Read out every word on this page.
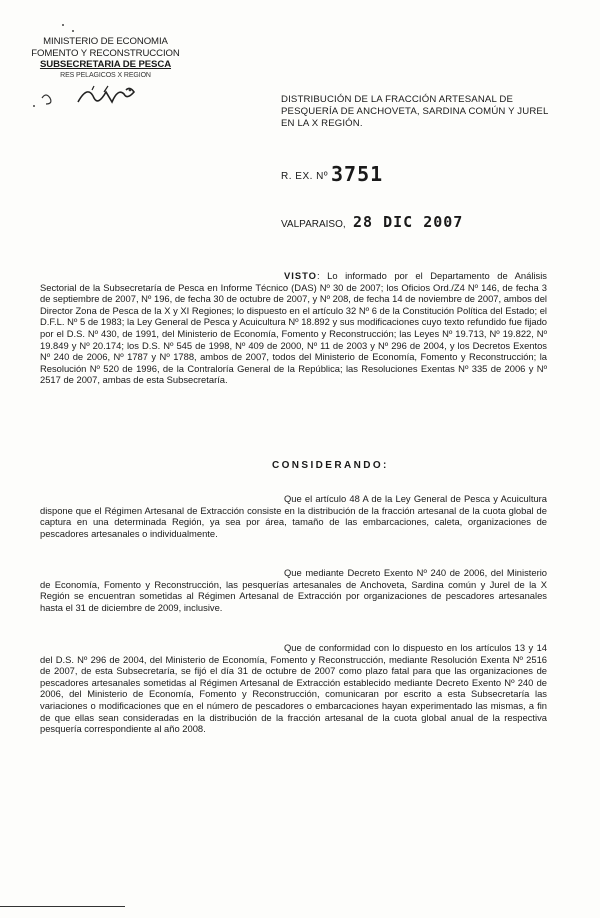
MINISTERIO DE ECONOMIA
FOMENTO Y RECONSTRUCCION
SUBSECRETARIA DE PESCA
RES PELAGICOS X REGION
DISTRIBUCIÓN DE LA FRACCIÓN ARTESANAL DE PESQUERÍA DE ANCHOVETA, SARDINA COMÚN Y JUREL EN LA X REGIÓN.
R. EX. Nº 3751
VALPARAISO, 28 DIC 2007
VISTO: Lo informado por el Departamento de Análisis Sectorial de la Subsecretaría de Pesca en Informe Técnico (DAS) Nº 30 de 2007; los Oficios Ord./Z4 Nº 146, de fecha 3 de septiembre de 2007, Nº 196, de fecha 30 de octubre de 2007, y Nº 208, de fecha 14 de noviembre de 2007, ambos del Director Zona de Pesca de la X y XI Regiones; lo dispuesto en el artículo 32 Nº 6 de la Constitución Política del Estado; el D.F.L. Nº 5 de 1983; la Ley General de Pesca y Acuicultura Nº 18.892 y sus modificaciones cuyo texto refundido fue fijado por el D.S. Nº 430, de 1991, del Ministerio de Economía, Fomento y Reconstrucción; las Leyes Nº 19.713, Nº 19.822, Nº 19.849 y Nº 20.174; los D.S. Nº 545 de 1998, Nº 409 de 2000, Nº 11 de 2003 y Nº 296 de 2004, y los Decretos Exentos Nº 240 de 2006, Nº 1787 y Nº 1788, ambos de 2007, todos del Ministerio de Economía, Fomento y Reconstrucción; la Resolución Nº 520 de 1996, de la Contraloría General de la República; las Resoluciones Exentas Nº 335 de 2006 y Nº 2517 de 2007, ambas de esta Subsecretaría.
CONSIDERANDO:
Que el artículo 48 A de la Ley General de Pesca y Acuicultura dispone que el Régimen Artesanal de Extracción consiste en la distribución de la fracción artesanal de la cuota global de captura en una determinada Región, ya sea por área, tamaño de las embarcaciones, caleta, organizaciones de pescadores artesanales o individualmente.
Que mediante Decreto Exento Nº 240 de 2006, del Ministerio de Economía, Fomento y Reconstrucción, las pesquerías artesanales de Anchoveta, Sardina común y Jurel de la X Región se encuentran sometidas al Régimen Artesanal de Extracción por organizaciones de pescadores artesanales hasta el 31 de diciembre de 2009, inclusive.
Que de conformidad con lo dispuesto en los artículos 13 y 14 del D.S. Nº 296 de 2004, del Ministerio de Economía, Fomento y Reconstrucción, mediante Resolución Exenta Nº 2516 de 2007, de esta Subsecretaría, se fijó el día 31 de octubre de 2007 como plazo fatal para que las organizaciones de pescadores artesanales sometidas al Régimen Artesanal de Extracción establecido mediante Decreto Exento Nº 240 de 2006, del Ministerio de Economía, Fomento y Reconstrucción, comunicaran por escrito a esta Subsecretaría las variaciones o modificaciones que en el número de pescadores o embarcaciones hayan experimentado las mismas, a fin de que ellas sean consideradas en la distribución de la fracción artesanal de la cuota global anual de la respectiva pesquería correspondiente al año 2008.
